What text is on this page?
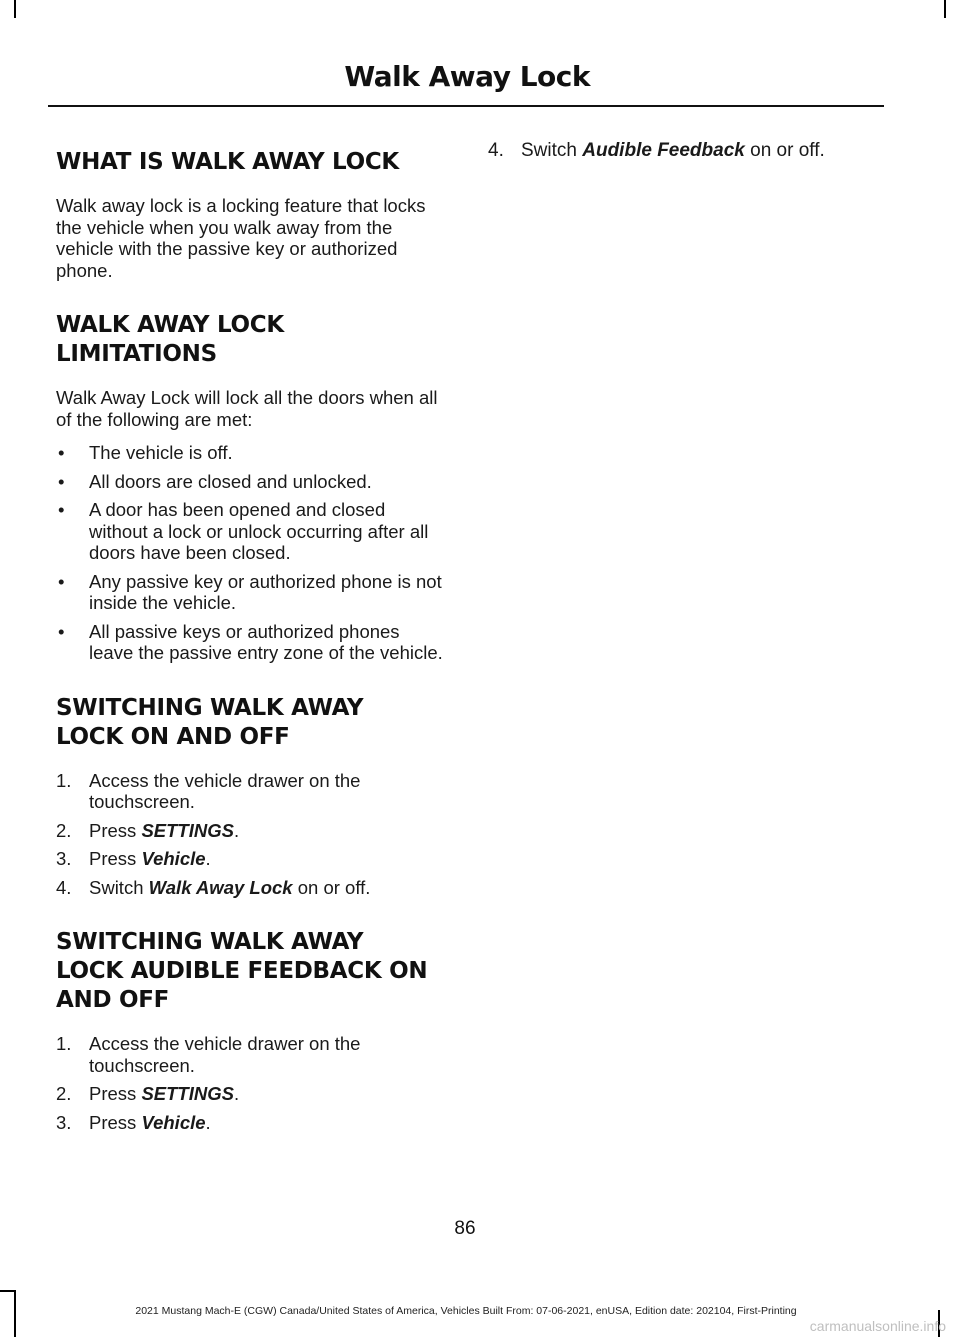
Walk Away Lock
WHAT IS WALK AWAY LOCK

Walk away lock is a locking feature that locks the vehicle when you walk away from the vehicle with the passive key or authorized phone.

WALK AWAY LOCK
LIMITATIONS

Walk Away Lock will lock all the doors when all of the following are met:

• The vehicle is off.
• All doors are closed and unlocked.
• A door has been opened and closed without a lock or unlock occurring after all doors have been closed.
• Any passive key or authorized phone is not inside the vehicle.
• All passive keys or authorized phones leave the passive entry zone of the vehicle.
SWITCHING WALK AWAY
LOCK ON AND OFF
1. Access the vehicle drawer on the touchscreen.
2. Press SETTINGS.
3. Press Vehicle.
4. Switch Walk Away Lock on or off.
SWITCHING WALK AWAY
LOCK AUDIBLE FEEDBACK ON
AND OFF
1. Access the vehicle drawer on the touchscreen.
2. Press SETTINGS.
3. Press Vehicle.
4. Switch Audible Feedback on or off.
86
2021 Mustang Mach-E (CGW) Canada/United States of America, Vehicles Built From: 07-06-2021, enUSA, Edition date: 202104, First-Printing
carmanualsonline.info
